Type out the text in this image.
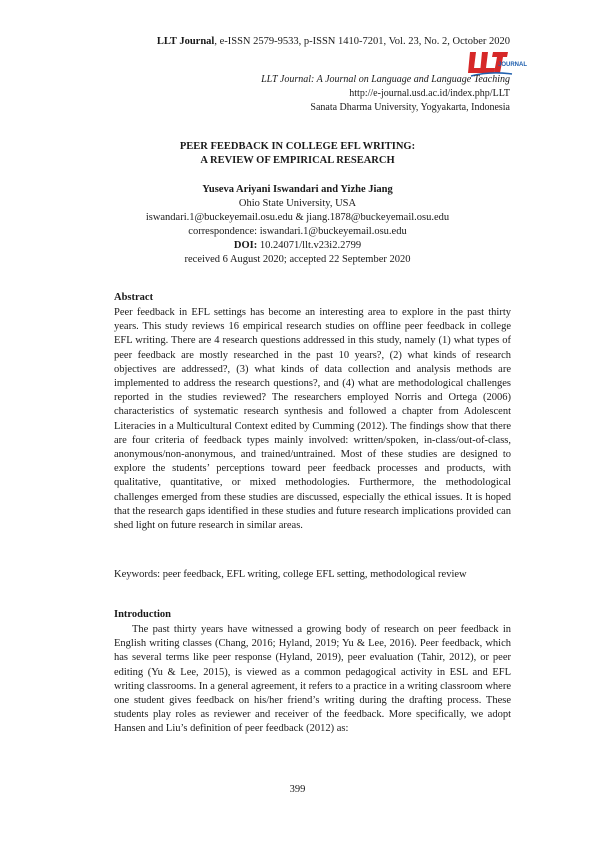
LLT Journal, e-ISSN 2579-9533, p-ISSN 1410-7201, Vol. 23, No. 2, October 2020
JOURNAL
LLT Journal: A Journal on Language and Language Teaching
http://e-journal.usd.ac.id/index.php/LLT
Sanata Dharma University, Yogyakarta, Indonesia
PEER FEEDBACK IN COLLEGE EFL WRITING:
A REVIEW OF EMPIRICAL RESEARCH
Yuseva Ariyani Iswandari and Yizhe Jiang
Ohio State University, USA
iswandari.1@buckeyemail.osu.edu & jiang.1878@buckeyemail.osu.edu
correspondence: iswandari.1@buckeyemail.osu.edu
DOI: 10.24071/llt.v23i2.2799
received 6 August 2020; accepted 22 September 2020
Abstract
Peer feedback in EFL settings has become an interesting area to explore in the past thirty years. This study reviews 16 empirical research studies on offline peer feedback in college EFL writing. There are 4 research questions addressed in this study, namely (1) what types of peer feedback are mostly researched in the past 10 years?, (2) what kinds of research objectives are addressed?, (3) what kinds of data collection and analysis methods are implemented to address the research questions?, and (4) what are methodological challenges reported in the studies reviewed? The researchers employed Norris and Ortega (2006) characteristics of systematic research synthesis and followed a chapter from Adolescent Literacies in a Multicultural Context edited by Cumming (2012). The findings show that there are four criteria of feedback types mainly involved: written/spoken, in-class/out-of-class, anonymous/non-anonymous, and trained/untrained. Most of these studies are designed to explore the students’ perceptions toward peer feedback processes and products, with qualitative, quantitative, or mixed methodologies. Furthermore, the methodological challenges emerged from these studies are discussed, especially the ethical issues. It is hoped that the research gaps identified in these studies and future research implications provided can shed light on future research in similar areas.
Keywords: peer feedback, EFL writing, college EFL setting, methodological review
Introduction
The past thirty years have witnessed a growing body of research on peer feedback in English writing classes (Chang, 2016; Hyland, 2019; Yu & Lee, 2016). Peer feedback, which has several terms like peer response (Hyland, 2019), peer evaluation (Tahir, 2012), or peer editing (Yu & Lee, 2015), is viewed as a common pedagogical activity in ESL and EFL writing classrooms. In a general agreement, it refers to a practice in a writing classroom where one student gives feedback on his/her friend’s writing during the drafting process. These students play roles as reviewer and receiver of the feedback. More specifically, we adopt Hansen and Liu’s definition of peer feedback (2012) as:
399
